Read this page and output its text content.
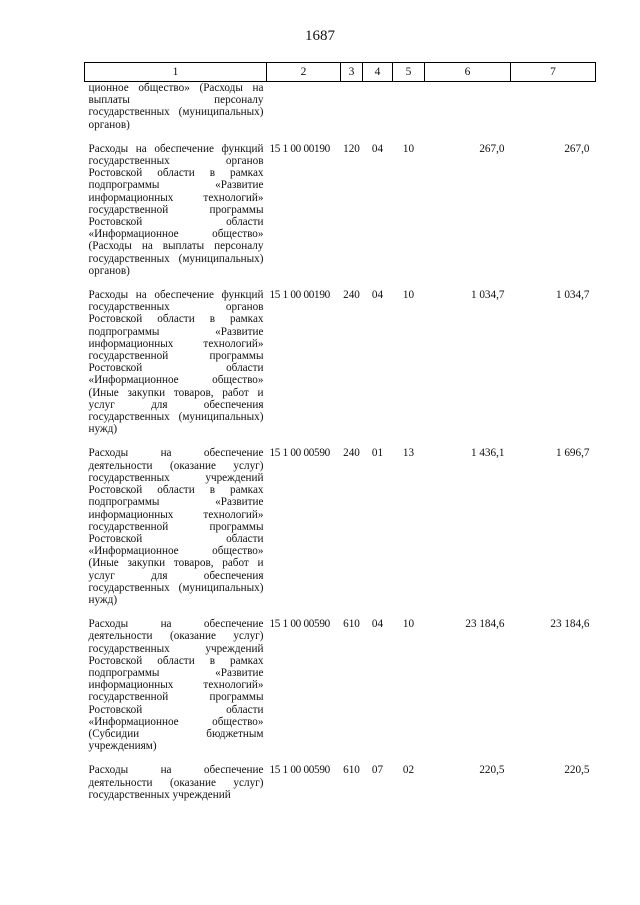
1687
1	2	3	4	5	6	7
ционное общество» (Расходы на выплаты персоналу государственных (муниципальных) органов)						

Расходы на обеспечение функций государственных органов Ростовской области в рамках подпрограммы «Развитие информационных технологий» государственной программы Ростовской области «Информационное общество» (Расходы на выплаты персоналу государственных (муниципальных) органов)	15 1 00 00190	120	04	10	267,0	267,0

Расходы на обеспечение функций государственных органов Ростовской области в рамках подпрограммы «Развитие информационных технологий» государственной программы Ростовской области «Информационное общество» (Иные закупки товаров, работ и услуг для обеспечения государственных (муниципальных) нужд)	15 1 00 00190	240	04	10	1 034,7	1 034,7

Расходы на обеспечение деятельности (оказание услуг) государственных учреждений Ростовской области в рамках подпрограммы «Развитие информационных технологий» государственной программы Ростовской области «Информационное общество» (Иные закупки товаров, работ и услуг для обеспечения государственных (муниципальных) нужд)	15 1 00 00590	240	01	13	1 436,1	1 696,7

Расходы на обеспечение деятельности (оказание услуг) государственных учреждений Ростовской области в рамках подпрограммы «Развитие информационных технологий» государственной программы Ростовской области «Информационное общество» (Субсидии бюджетным учреждениям)	15 1 00 00590	610	04	10	23 184,6	23 184,6

Расходы на обеспечение деятельности (оказание услуг) государственных учреждений	15 1 00 00590	610	07	02	220,5	220,5
